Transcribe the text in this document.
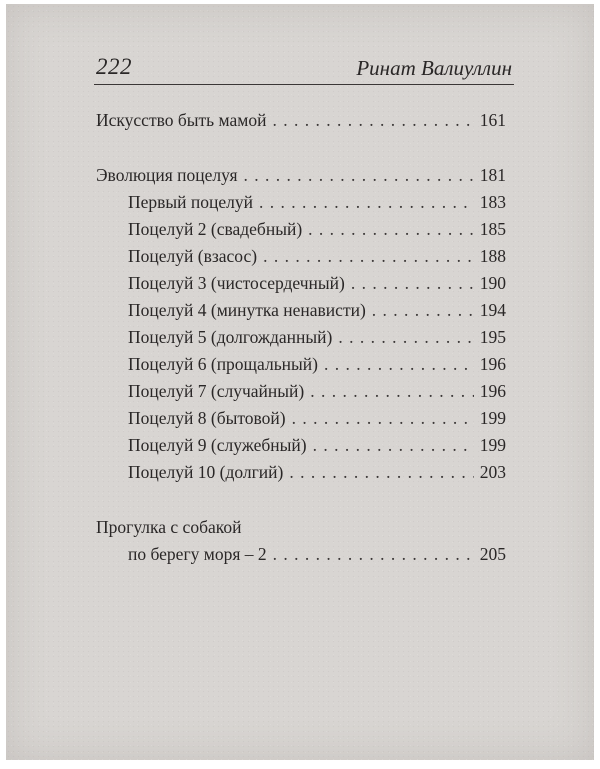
222	Ринат Валиуллин
Искусство быть мамой . . .	161
Эволюция поцелуя . . .	181
Первый поцелуй . . .	183
Поцелуй 2 (свадебный) . . .	185
Поцелуй (взасос) . . .	188
Поцелуй 3 (чистосердечный) . . .	190
Поцелуй 4 (минутка ненависти) . . .	194
Поцелуй 5 (долгожданный) . . .	195
Поцелуй 6 (прощальный) . . .	196
Поцелуй 7 (случайный) . . .	196
Поцелуй 8 (бытовой) . . .	199
Поцелуй 9 (служебный) . . .	199
Поцелуй 10 (долгий) . . .	203
Прогулка с собакой
по берегу моря – 2 . . .	205
